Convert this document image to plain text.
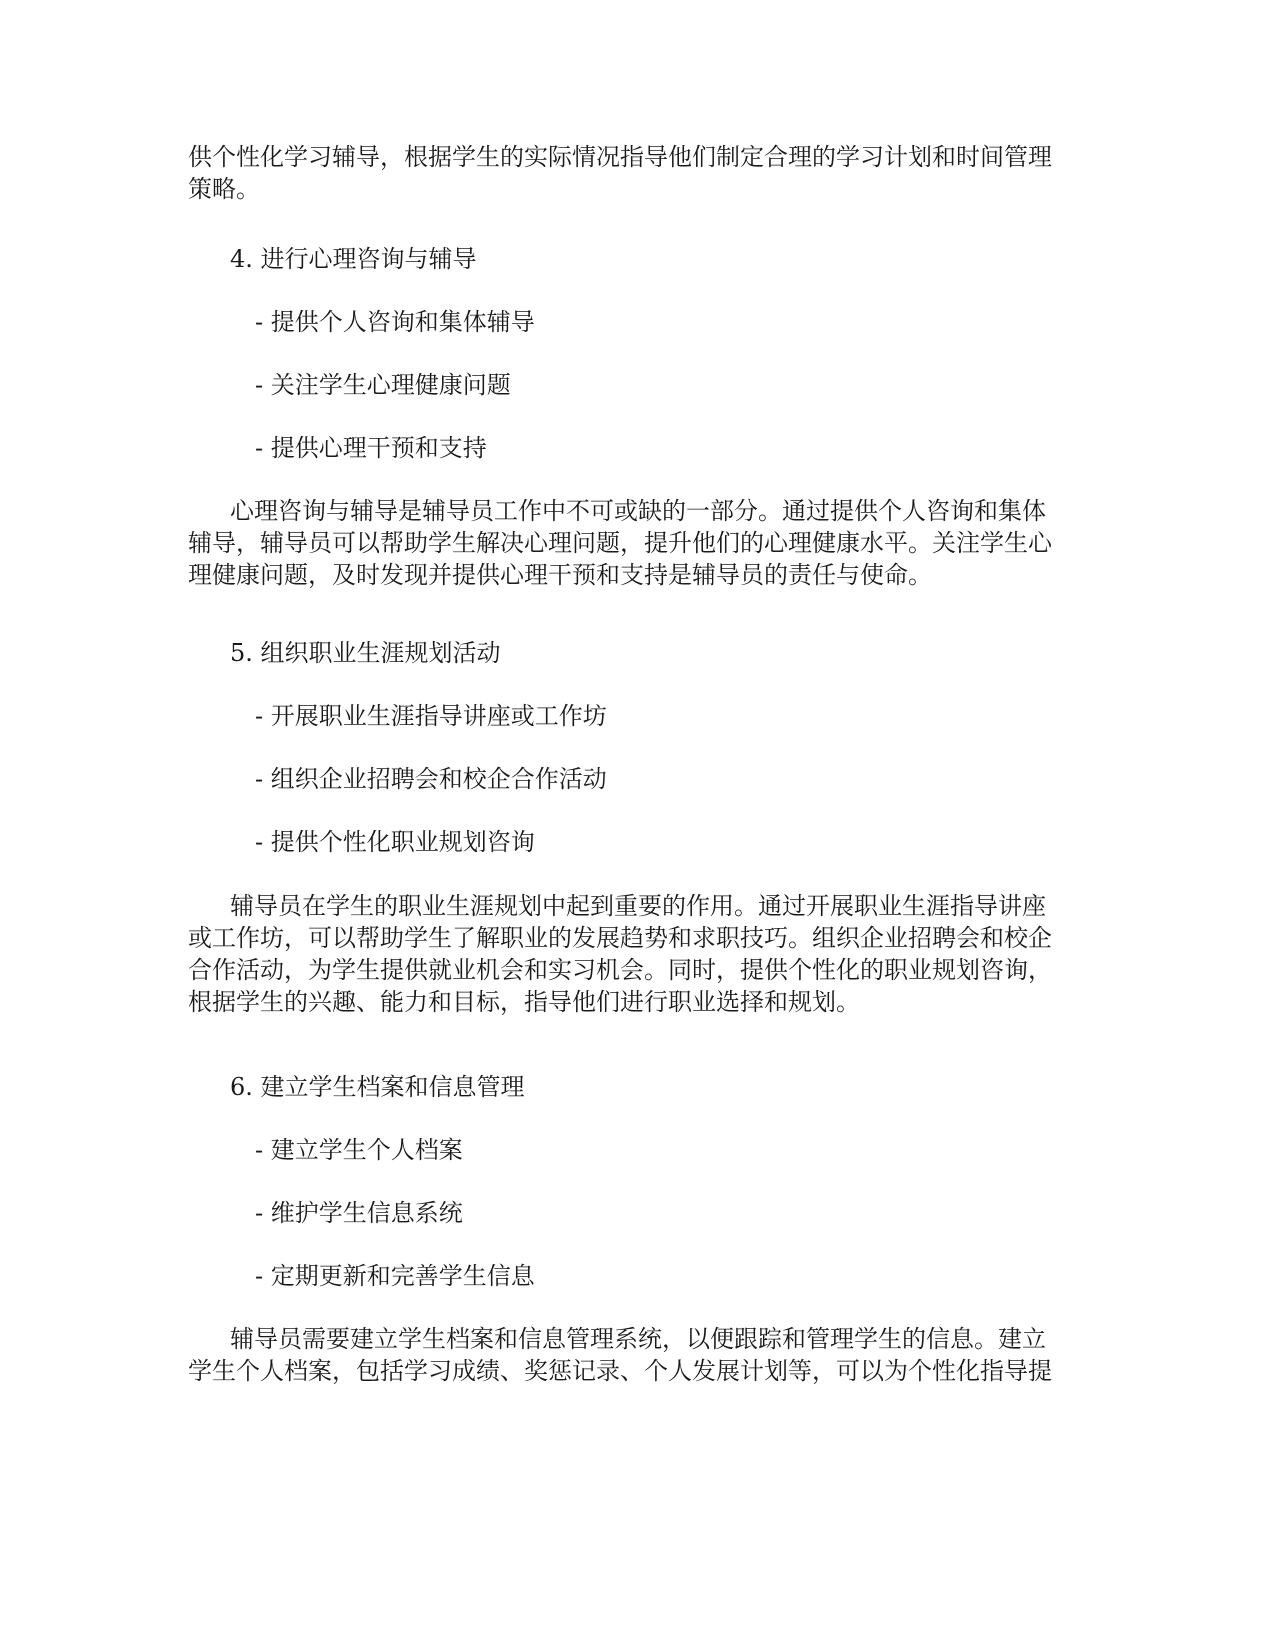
供个性化学习辅导，根据学生的实际情况指导他们制定合理的学习计划和时间管理
策略。
4. 进行心理咨询与辅导
- 提供个人咨询和集体辅导
- 关注学生心理健康问题
- 提供心理干预和支持
心理咨询与辅导是辅导员工作中不可或缺的一部分。通过提供个人咨询和集体
辅导，辅导员可以帮助学生解决心理问题，提升他们的心理健康水平。关注学生心
理健康问题，及时发现并提供心理干预和支持是辅导员的责任与使命。
5. 组织职业生涯规划活动
- 开展职业生涯指导讲座或工作坊
- 组织企业招聘会和校企合作活动
- 提供个性化职业规划咨询
辅导员在学生的职业生涯规划中起到重要的作用。通过开展职业生涯指导讲座
或工作坊，可以帮助学生了解职业的发展趋势和求职技巧。组织企业招聘会和校企
合作活动，为学生提供就业机会和实习机会。同时，提供个性化的职业规划咨询，
根据学生的兴趣、能力和目标，指导他们进行职业选择和规划。
6. 建立学生档案和信息管理
- 建立学生个人档案
- 维护学生信息系统
- 定期更新和完善学生信息
辅导员需要建立学生档案和信息管理系统，以便跟踪和管理学生的信息。建立
学生个人档案，包括学习成绩、奖惩记录、个人发展计划等，可以为个性化指导提
